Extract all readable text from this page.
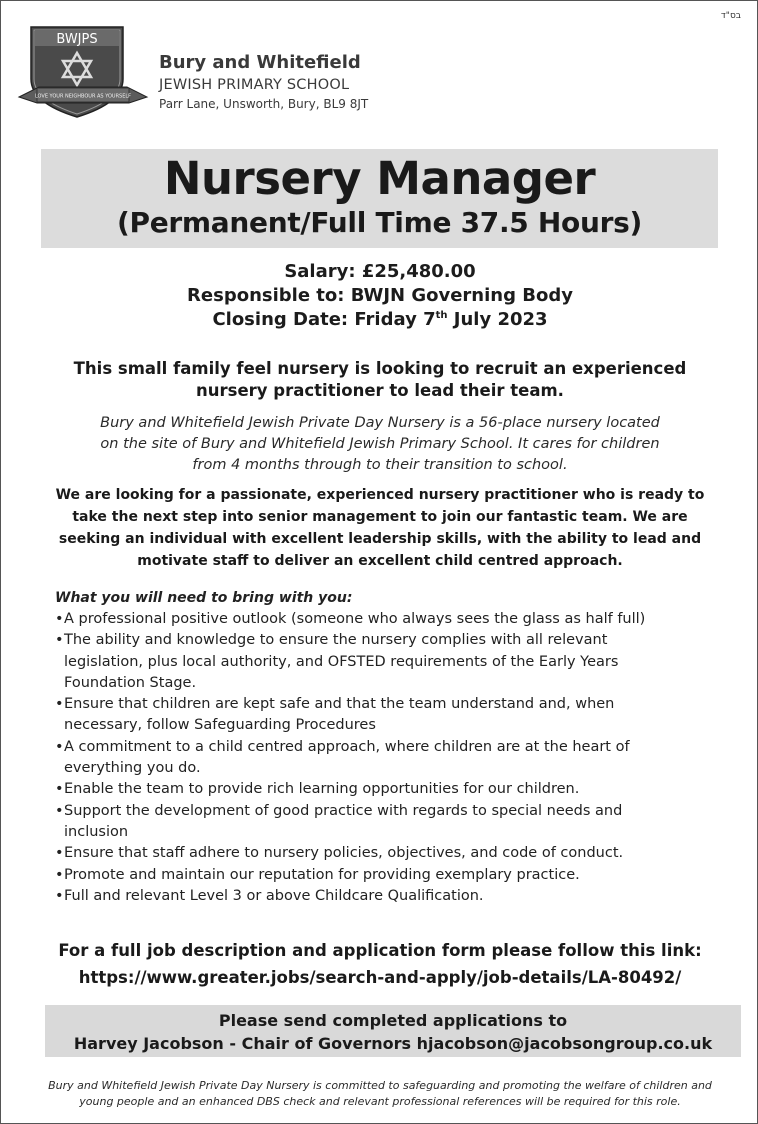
בס"ד
BWJPS
LOVE YOUR NEIGHBOUR AS YOURSELF
Bury and Whitefield
JEWISH PRIMARY SCHOOL
Parr Lane, Unsworth, Bury, BL9 8JT
Nursery Manager
(Permanent/Full Time 37.5 Hours)
Salary: £25,480.00
Responsible to: BWJN Governing Body
Closing Date: Friday 7th July 2023
This small family feel nursery is looking to recruit an experienced
nursery practitioner to lead their team.
Bury and Whitefield Jewish Private Day Nursery is a 56-place nursery located
on the site of Bury and Whitefield Jewish Primary School. It cares for children
from 4 months through to their transition to school.
We are looking for a passionate, experienced nursery practitioner who is ready to
take the next step into senior management to join our fantastic team. We are
seeking an individual with excellent leadership skills, with the ability to lead and
motivate staff to deliver an excellent child centred approach.
What you will need to bring with you:
• A professional positive outlook (someone who always sees the glass as half full)
• The ability and knowledge to ensure the nursery complies with all relevant
legislation, plus local authority, and OFSTED requirements of the Early Years
Foundation Stage.
• Ensure that children are kept safe and that the team understand and, when
necessary, follow Safeguarding Procedures
• A commitment to a child centred approach, where children are at the heart of
everything you do.
• Enable the team to provide rich learning opportunities for our children.
• Support the development of good practice with regards to special needs and
inclusion
• Ensure that staff adhere to nursery policies, objectives, and code of conduct.
• Promote and maintain our reputation for providing exemplary practice.
• Full and relevant Level 3 or above Childcare Qualification.
For a full job description and application form please follow this link:
https://www.greater.jobs/search-and-apply/job-details/LA-80492/
Please send completed applications to
Harvey Jacobson - Chair of Governors hjacobson@jacobsongroup.co.uk
Bury and Whitefield Jewish Private Day Nursery is committed to safeguarding and promoting the welfare of children and
young people and an enhanced DBS check and relevant professional references will be required for this role.
